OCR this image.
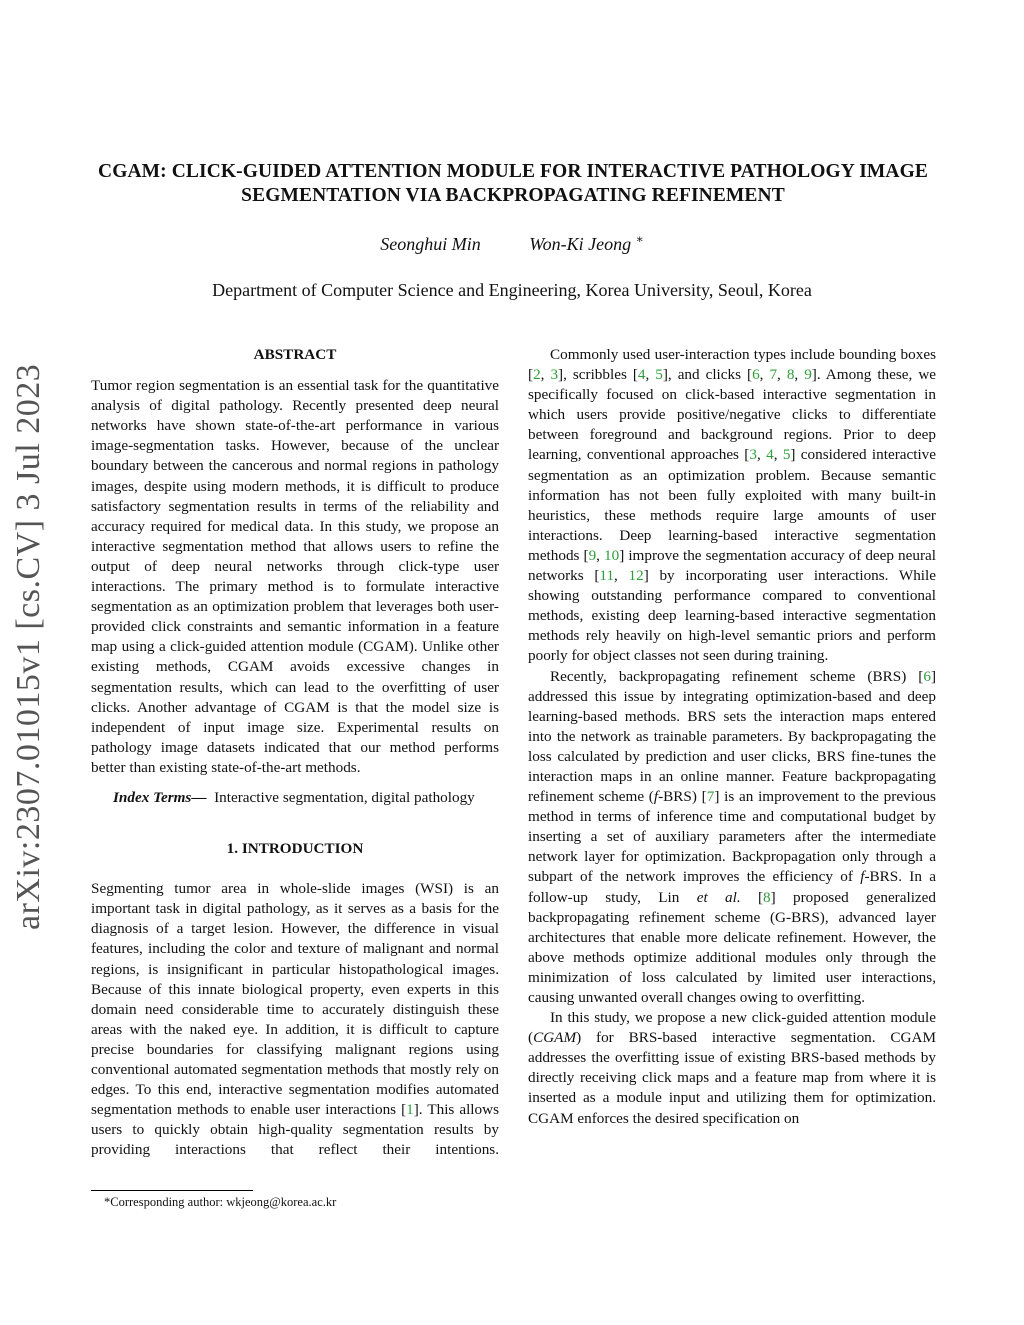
arXiv:2307.01015v1 [cs.CV] 3 Jul 2023
CGAM: CLICK-GUIDED ATTENTION MODULE FOR INTERACTIVE PATHOLOGY IMAGE SEGMENTATION VIA BACKPROPAGATING REFINEMENT
Seonghui Min	Won-Ki Jeong ∗
Department of Computer Science and Engineering, Korea University, Seoul, Korea
ABSTRACT

Tumor region segmentation is an essential task for the quantitative analysis of digital pathology. Recently presented deep neural networks have shown state-of-the-art performance in various image-segmentation tasks. However, because of the unclear boundary between the cancerous and normal regions in pathology images, despite using modern methods, it is difficult to produce satisfactory segmentation results in terms of the reliability and accuracy required for medical data. In this study, we propose an interactive segmentation method that allows users to refine the output of deep neural networks through click-type user interactions. The primary method is to formulate interactive segmentation as an optimization problem that leverages both user-provided click constraints and semantic information in a feature map using a click-guided attention module (CGAM). Unlike other existing methods, CGAM avoids excessive changes in segmentation results, which can lead to the overfitting of user clicks. Another advantage of CGAM is that the model size is independent of input image size. Experimental results on pathology image datasets indicated that our method performs better than existing state-of-the-art methods.

Index Terms— Interactive segmentation, digital pathology

1. INTRODUCTION

Segmenting tumor area in whole-slide images (WSI) is an important task in digital pathology, as it serves as a basis for the diagnosis of a target lesion. However, the difference in visual features, including the color and texture of malignant and normal regions, is insignificant in particular histopathological images. Because of this innate biological property, even experts in this domain need considerable time to accurately distinguish these areas with the naked eye. In addition, it is difficult to capture precise boundaries for classifying malignant regions using conventional automated segmentation methods that mostly rely on edges. To this end, interactive segmentation modifies automated segmentation methods to enable user interactions [1]. This allows users to quickly obtain high-quality segmentation results by providing interactions that reflect their intentions.

*Corresponding author: wkjeong@korea.ac.kr

Commonly used user-interaction types include bounding boxes [2, 3], scribbles [4, 5], and clicks [6, 7, 8, 9]. Among these, we specifically focused on click-based interactive segmentation in which users provide positive/negative clicks to differentiate between foreground and background regions. Prior to deep learning, conventional approaches [3, 4, 5] considered interactive segmentation as an optimization problem. Because semantic information has not been fully exploited with many built-in heuristics, these methods require large amounts of user interactions. Deep learning-based interactive segmentation methods [9, 10] improve the segmentation accuracy of deep neural networks [11, 12] by incorporating user interactions. While showing outstanding performance compared to conventional methods, existing deep learning-based interactive segmentation methods rely heavily on high-level semantic priors and perform poorly for object classes not seen during training.

Recently, backpropagating refinement scheme (BRS) [6] addressed this issue by integrating optimization-based and deep learning-based methods. BRS sets the interaction maps entered into the network as trainable parameters. By backpropagating the loss calculated by prediction and user clicks, BRS fine-tunes the interaction maps in an online manner. Feature backpropagating refinement scheme (f-BRS) [7] is an improvement to the previous method in terms of inference time and computational budget by inserting a set of auxiliary parameters after the intermediate network layer for optimization. Backpropagation only through a subpart of the network improves the efficiency of f-BRS. In a follow-up study, Lin et al. [8] proposed generalized backpropagating refinement scheme (G-BRS), advanced layer architectures that enable more delicate refinement. However, the above methods optimize additional modules only through the minimization of loss calculated by limited user interactions, causing unwanted overall changes owing to overfitting.

In this study, we propose a new click-guided attention module (CGAM) for BRS-based interactive segmentation. CGAM addresses the overfitting issue of existing BRS-based methods by directly receiving click maps and a feature map from where it is inserted as a module input and utilizing them for optimization. CGAM enforces the desired specification on
